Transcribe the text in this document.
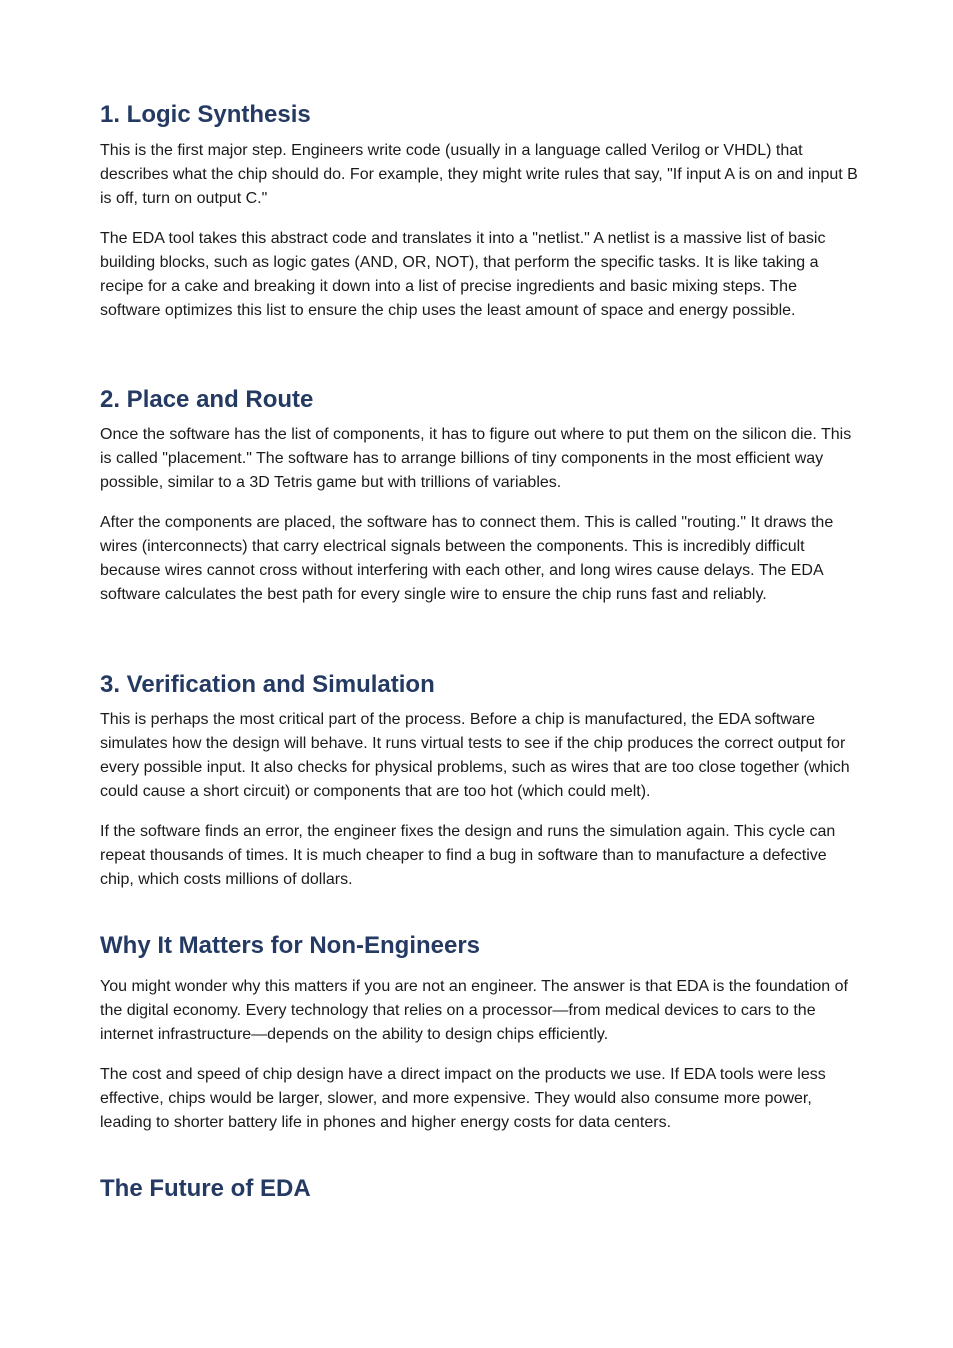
1. Logic Synthesis

This is the first major step. Engineers write code (usually in a language called Verilog or VHDL) that describes what the chip should do. For example, they might write rules that say, "If input A is on and input B is off, turn on output C."

The EDA tool takes this abstract code and translates it into a "netlist." A netlist is a massive list of basic building blocks, such as logic gates (AND, OR, NOT), that perform the specific tasks. It is like taking a recipe for a cake and breaking it down into a list of precise ingredients and basic mixing steps. The software optimizes this list to ensure the chip uses the least amount of space and energy possible.

2. Place and Route

Once the software has the list of components, it has to figure out where to put them on the silicon die. This is called "placement." The software has to arrange billions of tiny components in the most efficient way possible, similar to a 3D Tetris game but with trillions of variables.

After the components are placed, the software has to connect them. This is called "routing." It draws the wires (interconnects) that carry electrical signals between the components. This is incredibly difficult because wires cannot cross without interfering with each other, and long wires cause delays. The EDA software calculates the best path for every single wire to ensure the chip runs fast and reliably.

3. Verification and Simulation

This is perhaps the most critical part of the process. Before a chip is manufactured, the EDA software simulates how the design will behave. It runs virtual tests to see if the chip produces the correct output for every possible input. It also checks for physical problems, such as wires that are too close together (which could cause a short circuit) or components that are too hot (which could melt).

If the software finds an error, the engineer fixes the design and runs the simulation again. This cycle can repeat thousands of times. It is much cheaper to find a bug in software than to manufacture a defective chip, which costs millions of dollars.

Why It Matters for Non-Engineers

You might wonder why this matters if you are not an engineer. The answer is that EDA is the foundation of the digital economy. Every technology that relies on a processor—from medical devices to cars to the internet infrastructure—depends on the ability to design chips efficiently.

The cost and speed of chip design have a direct impact on the products we use. If EDA tools were less effective, chips would be larger, slower, and more expensive. They would also consume more power, leading to shorter battery life in phones and higher energy costs for data centers.

The Future of EDA
